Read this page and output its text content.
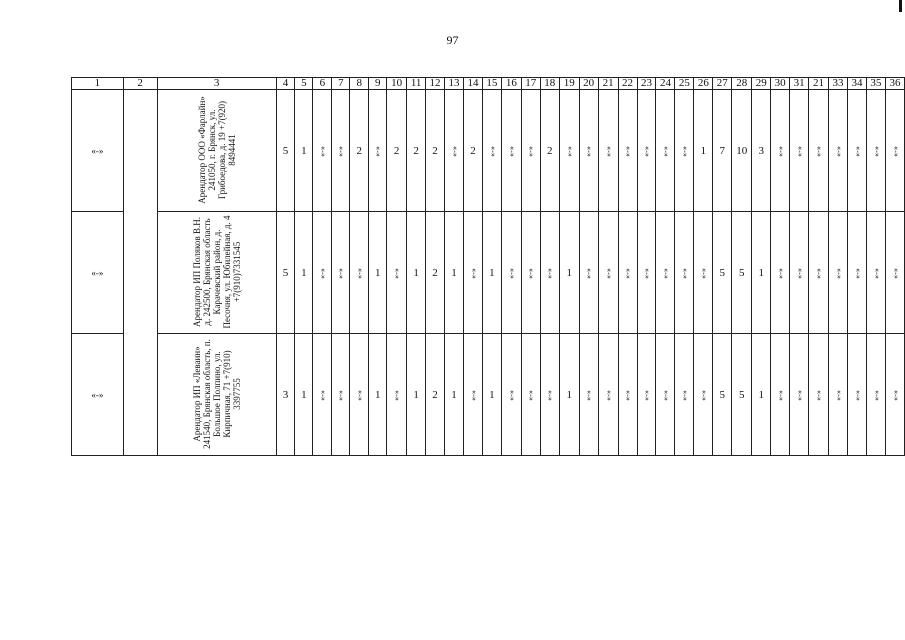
97
1	2	3	4	5	6	7	8	9	10	11	12	13	14	15	16	17	18	19	20	21	22	23	24	25	26	27	28	29	30	31	21	33	34	35	36
«-»		Арендатор ООО «Фарлайн» 241050, г. Брянск, ул. Грибоедова, д. 19 +7(920) 8494441	5	1	«-»	«-»	2	«-»	2	2	2	«-»	2	«-»	«-»	«-»	2	«-»	«-»	«-»	«-»	«-»	«-»	«-»	1	7	10	3	«-»	«-»	«-»	«-»	«-»	«-»	«-»
«-»		Арендатор ИП Поляков В.Н. д. 242500, Брянская область Карачевский район, д. Песочня, ул. Юбилейная, д. 4 +7(910)7331545	5	1	«-»	«-»	«-»	1	«-»	1	2	1	«-»	1	«-»	«-»	«-»	1	«-»	«-»	«-»	«-»	«-»	«-»	«-»	5	5	1	«-»	«-»	«-»	«-»	«-»	«-»	«-»
«-»		Арендатор ИП «Леваин» 241540, Брянская область, п. Большое Полпино, ул. Кирпичная, 71 +7(910) 3397755	3	1	«-»	«-»	«-»	1	«-»	1	2	1	«-»	1	«-»	«-»	«-»	1	«-»	«-»	«-»	«-»	«-»	«-»	«-»	5	5	1	«-»	«-»	«-»	«-»	«-»	«-»	«-»
